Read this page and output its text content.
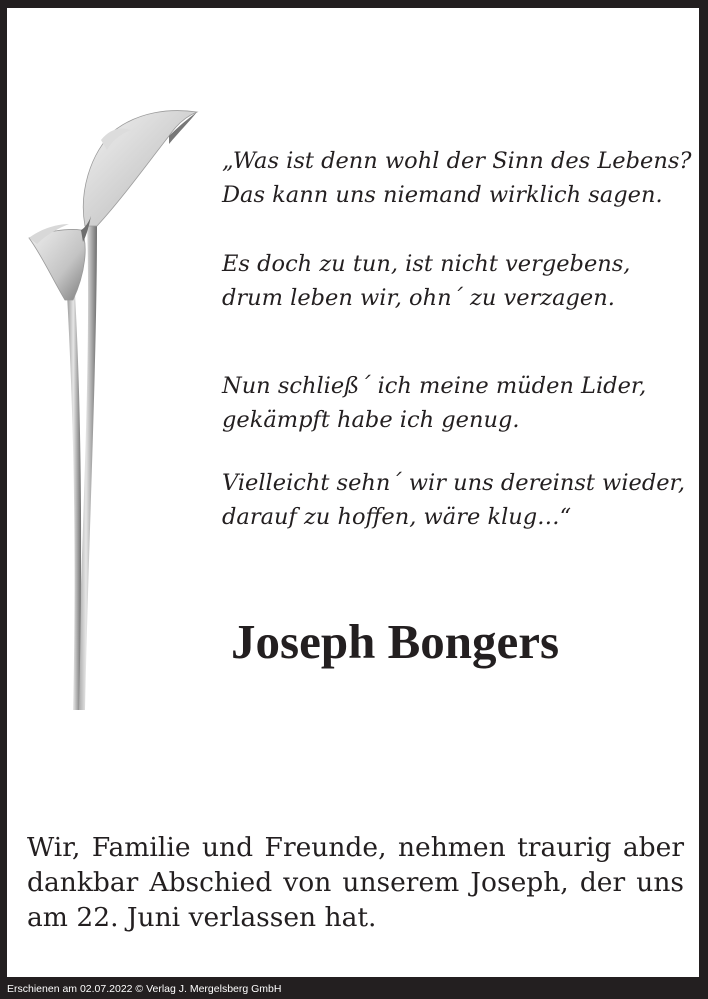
„Was ist denn wohl der Sinn des Lebens?
Das kann uns niemand wirklich sagen.

Es doch zu tun, ist nicht vergebens,
drum leben wir, ohn´ zu verzagen.

Nun schließ´ ich meine müden Lider,
gekämpft habe ich genug.

Vielleicht sehn´ wir uns dereinst wieder,
darauf zu hoffen, wäre klug…“

Joseph Bongers
Wir, Familie und Freunde, nehmen traurig aber dankbar Abschied von unserem Joseph, der uns am 22. Juni verlassen hat.
Erschienen am 02.07.2022 © Verlag J. Mergelsberg GmbH
